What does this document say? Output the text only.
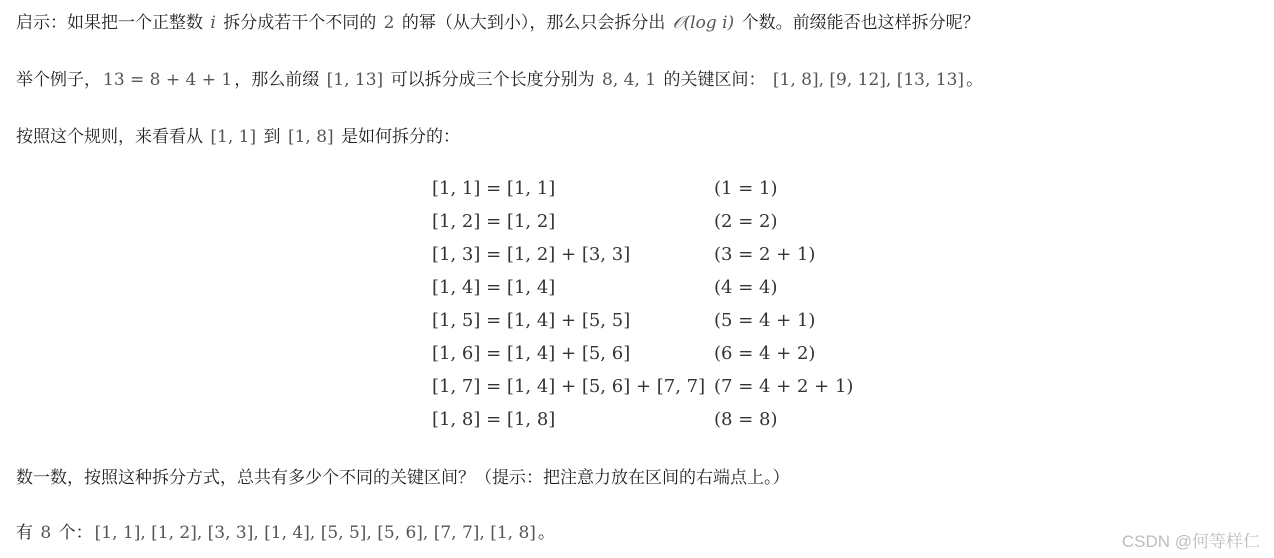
启示：如果把一个正整数 i 拆分成若干个不同的 2 的幂（从大到小），那么只会拆分出 𝒪(log i) 个数。前缀能否也这样拆分呢？
举个例子， 13 = 8 + 4 + 1 ，那么前缀 [1, 13] 可以拆分成三个长度分别为 8, 4, 1 的关键区间： [1, 8], [9, 12], [13, 13] 。
按照这个规则，来看看从 [1, 1] 到 [1, 8] 是如何拆分的：
[1, 1] = [1, 1]	(1 = 1)
[1, 2] = [1, 2]	(2 = 2)
[1, 3] = [1, 2] + [3, 3]	(3 = 2 + 1)
[1, 4] = [1, 4]	(4 = 4)
[1, 5] = [1, 4] + [5, 5]	(5 = 4 + 1)
[1, 6] = [1, 4] + [5, 6]	(6 = 4 + 2)
[1, 7] = [1, 4] + [5, 6] + [7, 7]	(7 = 4 + 2 + 1)
[1, 8] = [1, 8]	(8 = 8)
数一数，按照这种拆分方式，总共有多少个不同的关键区间？（提示：把注意力放在区间的右端点上。）
有 8 个： [1, 1], [1, 2], [3, 3], [1, 4], [5, 5], [5, 6], [7, 7], [1, 8] 。	CSDN @何等样仁
